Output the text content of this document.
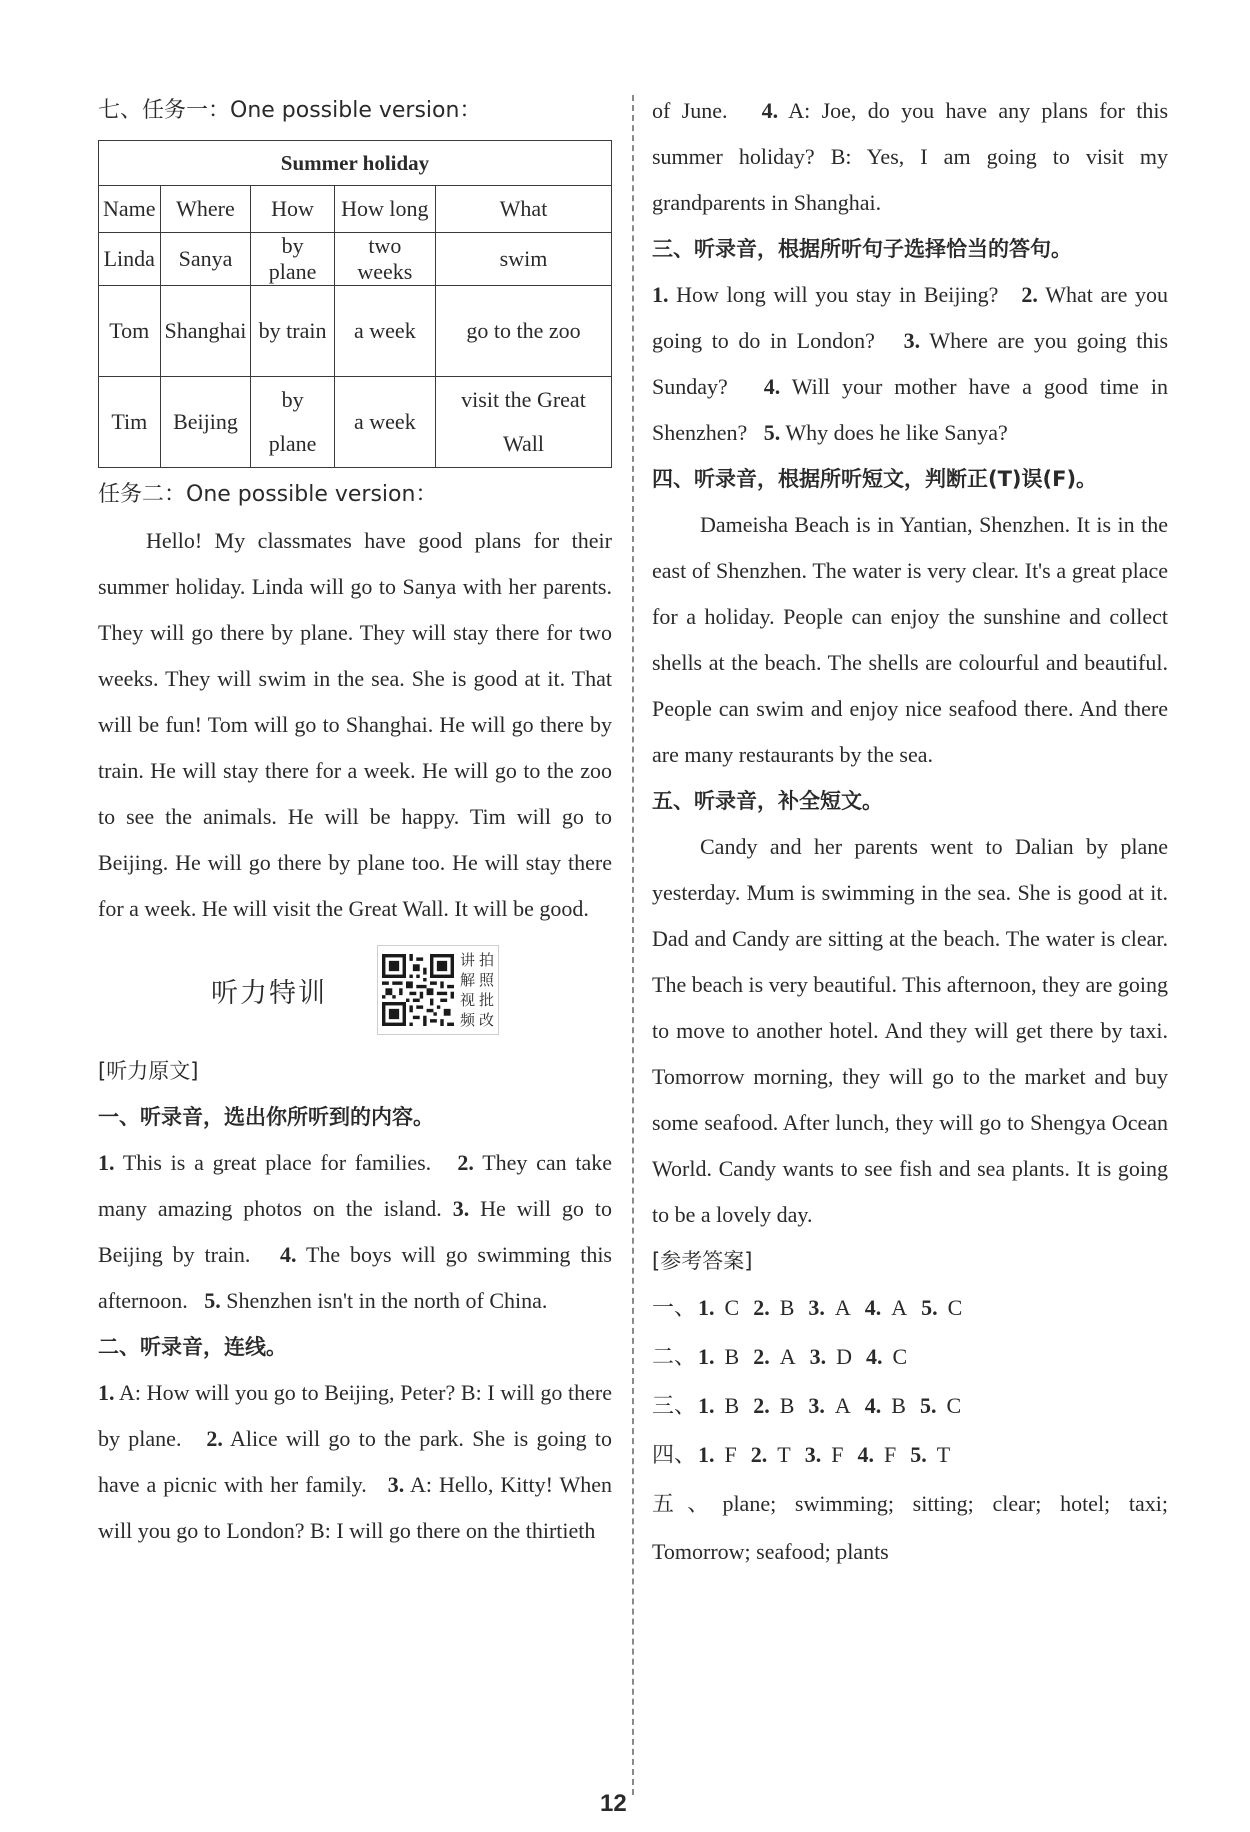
七、任务一：One possible version：

Summer holiday				
Name	Where	How	How long	What
Linda	Sanya	by plane	two weeks	swim
Tom	Shanghai	by train	a week	go to the zoo
Tim	Beijing	by plane	a week	visit the Great Wall

任务二：One possible version：

Hello! My classmates have good plans for their summer holiday. Linda will go to Sanya with her parents. They will go there by plane. They will stay there for two weeks. They will swim in the sea. She is good at it. That will be fun! Tom will go to Shanghai. He will go there by train. He will stay there for a week. He will go to the zoo to see the animals. He will be happy. Tim will go to Beijing. He will go there by plane too. He will stay there for a week. He will visit the Great Wall. It will be good.

听力特训
讲 拍
解 照
视 批
频 改

[听力原文]

一、听录音，选出你所听到的内容。

1. This is a great place for families. 2. They can take many amazing photos on the island. 3. He will go to Beijing by train. 4. The boys will go swimming this afternoon. 5. Shenzhen isn't in the north of China.

二、听录音，连线。

1. A: How will you go to Beijing, Peter? B: I will go there by plane. 2. Alice will go to the park. She is going to have a picnic with her family. 3. A: Hello, Kitty! When will you go to London? B: I will go there on the thirtieth

of June. 4. A: Joe, do you have any plans for this summer holiday? B: Yes, I am going to visit my grandparents in Shanghai.

三、听录音，根据所听句子选择恰当的答句。

1. How long will you stay in Beijing? 2. What are you going to do in London? 3. Where are you going this Sunday? 4. Will your mother have a good time in Shenzhen? 5. Why does he like Sanya?

四、听录音，根据所听短文，判断正(T)误(F)。

Dameisha Beach is in Yantian, Shenzhen. It is in the east of Shenzhen. The water is very clear. It's a great place for a holiday. People can enjoy the sunshine and collect shells at the beach. The shells are colourful and beautiful. People can swim and enjoy nice seafood there. And there are many restaurants by the sea.

五、听录音，补全短文。

Candy and her parents went to Dalian by plane yesterday. Mum is swimming in the sea. She is good at it. Dad and Candy are sitting at the beach. The water is clear. The beach is very beautiful. This afternoon, they are going to move to another hotel. And they will get there by taxi. Tomorrow morning, they will go to the market and buy some seafood. After lunch, they will go to Shengya Ocean World. Candy wants to see fish and sea plants. It is going to be a lovely day.

[参考答案]

一、1. C 2. B 3. A 4. A 5. C

二、1. B 2. A 3. D 4. C

三、1. B 2. B 3. A 4. B 5. C

四、1. F 2. T 3. F 4. F 5. T

五、plane; swimming; sitting; clear; hotel; taxi; Tomorrow; seafood; plants

12
